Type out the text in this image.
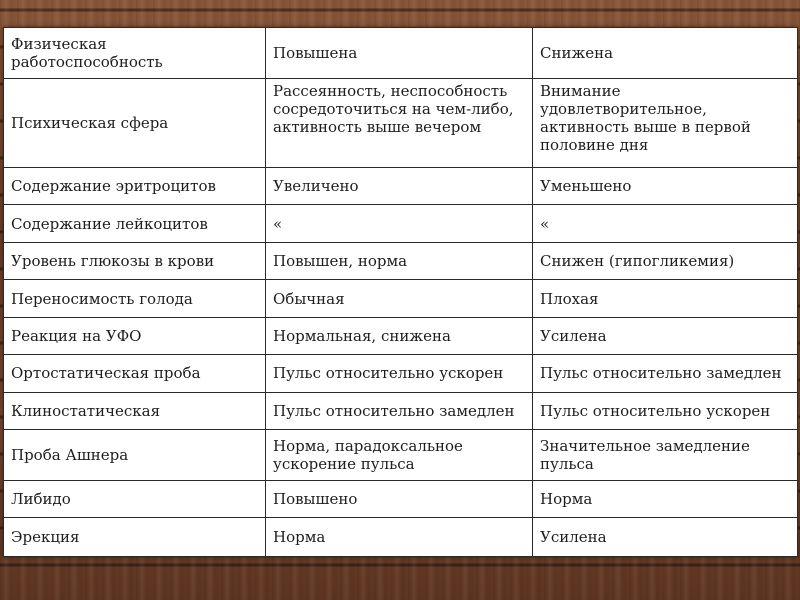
Физическая работоспособность	Повышена	Снижена
Психическая сфера	Рассеянность, неспособность сосредоточиться на чем-либо, активность выше вечером	Внимание удовлетворительное, активность выше в первой половине дня
Содержание эритроцитов	Увеличено	Уменьшено
Содержание лейкоцитов	«	«
Уровень глюкозы в крови	Повышен, норма	Снижен (гипогликемия)
Переносимость голода	Обычная	Плохая
Реакция на УФО	Нормальная, снижена	Усилена
Ортостатическая проба	Пульс относительно ускорен	Пульс относительно замедлен
Клиностатическая	Пульс относительно замедлен	Пульс относительно ускорен
Проба Ашнера	Норма, парадоксальное ускорение пульса	Значительное замедление пульса
Либидо	Повышено	Норма
Эрекция	Норма	Усилена
